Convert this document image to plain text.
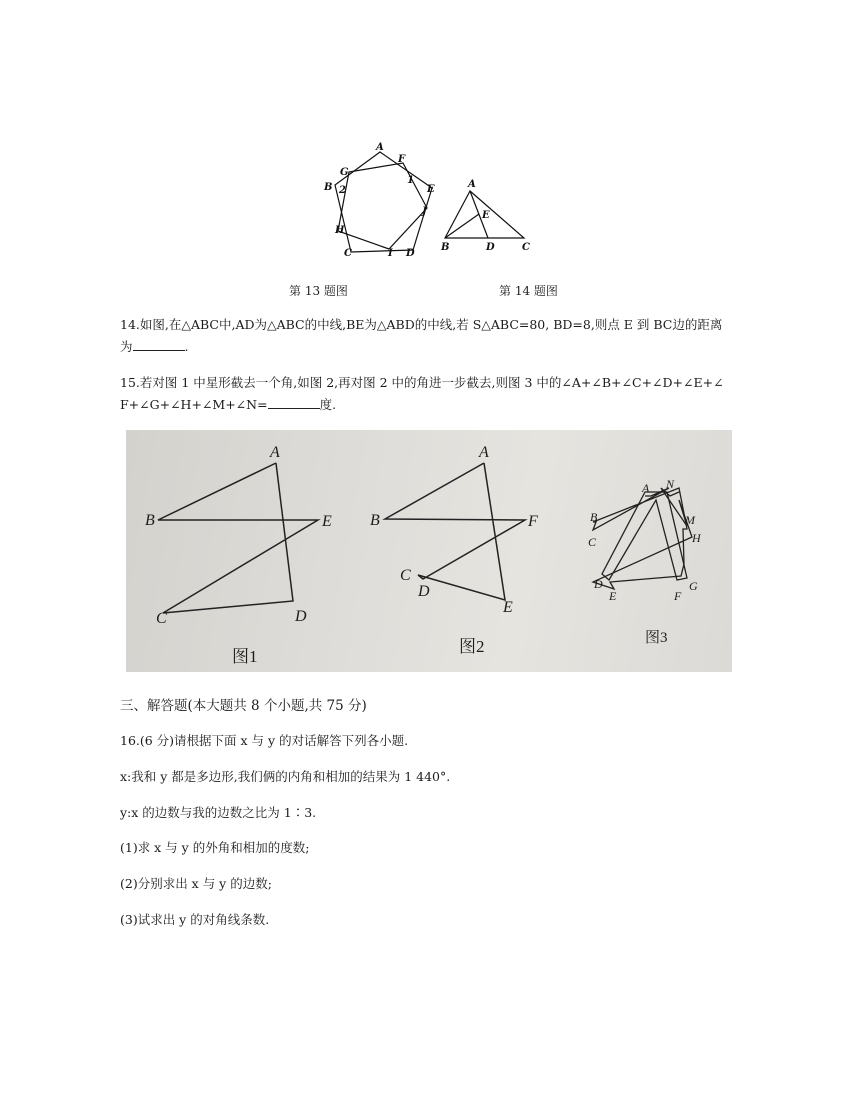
A
F
G
1
B 2	E
J
H
C	I D
A
E
B	D	C
第 13 题图	第 14 题图
14.如图,在△ABC中,AD为△ABC的中线,BE为△ABD的中线,若 S△ABC=80, BD=8,则点 E 到 BC边的距离
为	.
15.若对图 1 中星形截去一个角,如图 2,再对图 2 中的角进一步截去,则图 3 中的∠A+∠B+∠C+∠D+∠E+∠
F+∠G+∠H+∠M+∠N=	度.
A
B	E
C	D
图1
A
B	F
C
D
E
图2
A N
B	M
C	H
D
E	F
G
图3
三、解答题(本大题共 8 个小题,共 75 分)
16.(6 分)请根据下面 x 与 y 的对话解答下列各小题.
x:我和 y 都是多边形,我们俩的内角和相加的结果为 1 440°.
y:x 的边数与我的边数之比为 1∶3.
(1)求 x 与 y 的外角和相加的度数;
(2)分别求出 x 与 y 的边数;
(3)试求出 y 的对角线条数.
